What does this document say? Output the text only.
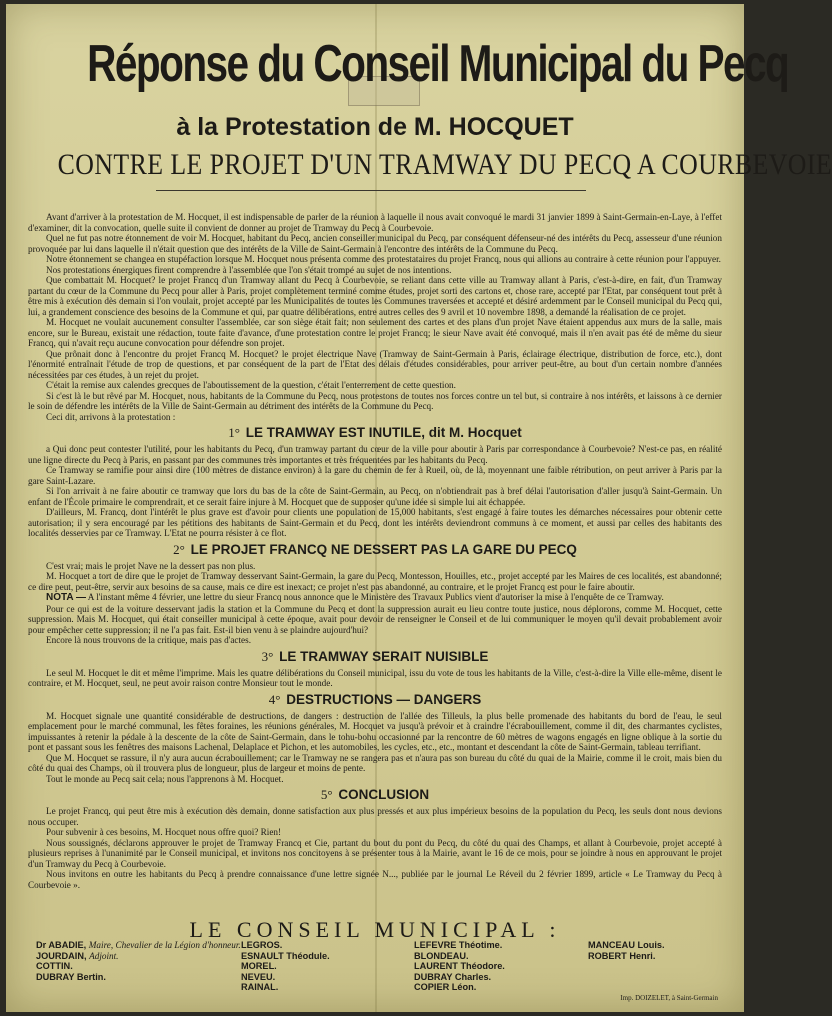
Réponse du Conseil Municipal du Pecq
à la Protestation de M. HOCQUET
CONTRE LE PROJET D'UN TRAMWAY DU PECQ A COURBEVOIE

Avant d'arriver à la protestation de M. Hocquet, il est indispensable de parler de la réunion à laquelle il nous avait convoqué le mardi 31 janvier 1899 à Saint-Germain-en-Laye, à l'effet d'examiner, dit la convocation, quelle suite il convient de donner au projet de Tramway du Pecq à Courbevoie.

Quel ne fut pas notre étonnement de voir M. Hocquet, habitant du Pecq, ancien conseiller municipal du Pecq, par conséquent défenseur-né des intérêts du Pecq, assesseur d'une réunion provoquée par lui dans laquelle il n'était question que des intérêts de la Ville de Saint-Germain à l'encontre des intérêts de la Commune du Pecq.

Notre étonnement se changea en stupéfaction lorsque M. Hocquet nous présenta comme des protestataires du projet Francq, nous qui allions au contraire à cette réunion pour l'appuyer.

Nos protestations énergiques firent comprendre à l'assemblée que l'on s'était trompé au sujet de nos intentions.

Que combattait M. Hocquet? le projet Francq d'un Tramway allant du Pecq à Courbevoie, se reliant dans cette ville au Tramway allant à Paris, c'est-à-dire, en fait, d'un Tramway partant du cœur de la Commune du Pecq pour aller à Paris, projet complètement terminé comme études, projet sorti des cartons et, chose rare, accepté par l'Etat, par conséquent tout prêt à être mis à exécution dès demain si l'on voulait, projet accepté par les Municipalités de toutes les Communes traversées et accepté et désiré ardemment par le Conseil municipal du Pecq qui, lui, a grandement conscience des besoins de la Commune et qui, par quatre délibérations, entre autres celles des 9 avril et 10 novembre 1898, a demandé la réalisation de ce projet.

M. Hocquet ne voulait aucunement consulter l'assemblée, car son siège était fait; non seulement des cartes et des plans d'un projet Nave étaient appendus aux murs de la salle, mais encore, sur le Bureau, existait une rédaction, toute faite d'avance, d'une protestation contre le projet Francq; le sieur Nave avait été convoqué, mais il n'en avait pas été de même du sieur Francq, qui n'avait reçu aucune convocation pour défendre son projet.

Que prônait donc à l'encontre du projet Francq M. Hocquet? le projet électrique Nave (Tramway de Saint-Germain à Paris, éclairage électrique, distribution de force, etc.), dont l'énormité entraînait l'étude de trop de questions, et par conséquent de la part de l'Etat des délais d'études considérables, pour arriver peut-être, au bout d'un certain nombre d'années nécessitées par ces études, à un rejet du projet.

C'était la remise aux calendes grecques de l'aboutissement de la question, c'était l'enterrement de cette question.

Si c'est là le but rêvé par M. Hocquet, nous, habitants de la Commune du Pecq, nous protestons de toutes nos forces contre un tel but, si contraire à nos intérêts, et laissons à ce dernier le soin de défendre les intérêts de la Ville de Saint-Germain au détriment des intérêts de la Commune du Pecq.

Ceci dit, arrivons à la protestation :

1° LE TRAMWAY EST INUTILE, dit M. Hocquet

a Qui donc peut contester l'utilité, pour les habitants du Pecq, d'un tramway partant du cœur de la ville pour aboutir à Paris par correspondance à Courbevoie? N'est-ce pas, en réalité une ligne directe du Pecq à Paris, en passant par des communes très importantes et très fréquentées par les habitants du Pecq.

Ce Tramway se ramifie pour ainsi dire (100 mètres de distance environ) à la gare du chemin de fer à Rueil, où, de là, moyennant une faible rétribution, on peut arriver à Paris par la gare Saint-Lazare.

Si l'on arrivait à ne faire aboutir ce tramway que lors du bas de la côte de Saint-Germain, au Pecq, on n'obtiendrait pas à bref délai l'autorisation d'aller jusqu'à Saint-Germain. Un enfant de l'École primaire le comprendrait, et ce serait faire injure à M. Hocquet que de supposer qu'une idée si simple lui ait échappée.

D'ailleurs, M. Francq, dont l'intérêt le plus grave est d'avoir pour clients une population de 15,000 habitants, s'est engagé à faire toutes les démarches nécessaires pour obtenir cette autorisation; il y sera encouragé par les pétitions des habitants de Saint-Germain et du Pecq, dont les intérêts deviendront communs à ce moment, et aussi par celles des habitants des localités desservies par ce Tramway. L'Etat ne pourra résister à ce flot.

2° LE PROJET FRANCQ NE DESSERT PAS LA GARE DU PECQ

C'est vrai; mais le projet Nave ne la dessert pas non plus.

M. Hocquet a tort de dire que le projet de Tramway desservant Saint-Germain, la gare du Pecq, Montesson, Houilles, etc., projet accepté par les Maires de ces localités, est abandonné; ce dire peut, peut-être, servir aux besoins de sa cause, mais ce dire est inexact; ce projet n'est pas abandonné, au contraire, et le projet Francq est pour le faire aboutir.

NOTA — A l'instant même 4 février, une lettre du sieur Francq nous annonce que le Ministère des Travaux Publics vient d'autoriser la mise à l'enquête de ce Tramway.

Pour ce qui est de la voiture desservant jadis la station et la Commune du Pecq et dont la suppression aurait eu lieu contre toute justice, nous déplorons, comme M. Hocquet, cette suppression. Mais M. Hocquet, qui était conseiller municipal à cette époque, avait pour devoir de renseigner le Conseil et de lui communiquer le moyen qu'il devait probablement avoir pour empêcher cette suppression; il ne l'a pas fait. Est-il bien venu à se plaindre aujourd'hui?

Encore là nous trouvons de la critique, mais pas d'actes.

3° LE TRAMWAY SERAIT NUISIBLE

Le seul M. Hocquet le dit et même l'imprime. Mais les quatre délibérations du Conseil municipal, issu du vote de tous les habitants de la Ville, c'est-à-dire la Ville elle-même, disent le contraire, et M. Hocquet, seul, ne peut avoir raison contre Monsieur tout le monde.

4° DESTRUCTIONS — DANGERS

M. Hocquet signale une quantité considérable de destructions, de dangers : destruction de l'allée des Tilleuls, la plus belle promenade des habitants du bord de l'eau, le seul emplacement pour le marché communal, les fêtes foraines, les réunions générales, M. Hocquet va jusqu'à prévoir et à craindre l'écrabouillement, comme il dit, des charmantes cyclistes, impuissantes à retenir la pédale à la descente de la côte de Saint-Germain, dans le tohu-bohu occasionné par la rencontre de 60 mètres de wagons engagés en ligne oblique à la sortie du pont et passant sous les fenêtres des maisons Lachenal, Delaplace et Pichon, et les automobiles, les cycles, etc., etc., montant et descendant la côte de Saint-Germain, tableau terrifiant.

Que M. Hocquet se rassure, il n'y aura aucun écrabouillement; car le Tramway ne se rangera pas et n'aura pas son bureau du côté du quai de la Mairie, comme il le croit, mais bien du côté du quai des Champs, où il trouvera plus de longueur, plus de largeur et moins de pente.

Tout le monde au Pecq sait cela; nous l'apprenons à M. Hocquet.

5° CONCLUSION

Le projet Francq, qui peut être mis à exécution dès demain, donne satisfaction aux plus pressés et aux plus impérieux besoins de la population du Pecq, les seuls dont nous devions nous occuper.

Pour subvenir à ces besoins, M. Hocquet nous offre quoi? Rien!

Nous soussignés, déclarons approuver le projet de Tramway Francq et Cie, partant du bout du pont du Pecq, du côté du quai des Champs, et allant à Courbevoie, projet accepté à plusieurs reprises à l'unanimité par le Conseil municipal, et invitons nos concitoyens à se présenter tous à la Mairie, avant le 16 de ce mois, pour se joindre à nous en approuvant le projet d'un Tramway du Pecq à Courbevoie.

Nous invitons en outre les habitants du Pecq à prendre connaissance d'une lettre signée N..., publiée par le journal Le Réveil du 2 février 1899, article « Le Tramway du Pecq à Courbevoie ».

LE CONSEIL MUNICIPAL :
Dr ABADIE, Maire, Chevalier de la Légion d'honneur.
JOURDAIN, Adjoint.
COTTIN.
DUBRAY Bertin.
LEGROS.
ESNAULT Théodule.
MOREL.
NEVEU.
RAINAL.
LEFEVRE Théotime.
BLONDEAU.
LAURENT Théodore.
DUBRAY Charles.
COPIER Léon.
MANCEAU Louis.
ROBERT Henri.
Imp. DOIZELET, à Saint-Germain
